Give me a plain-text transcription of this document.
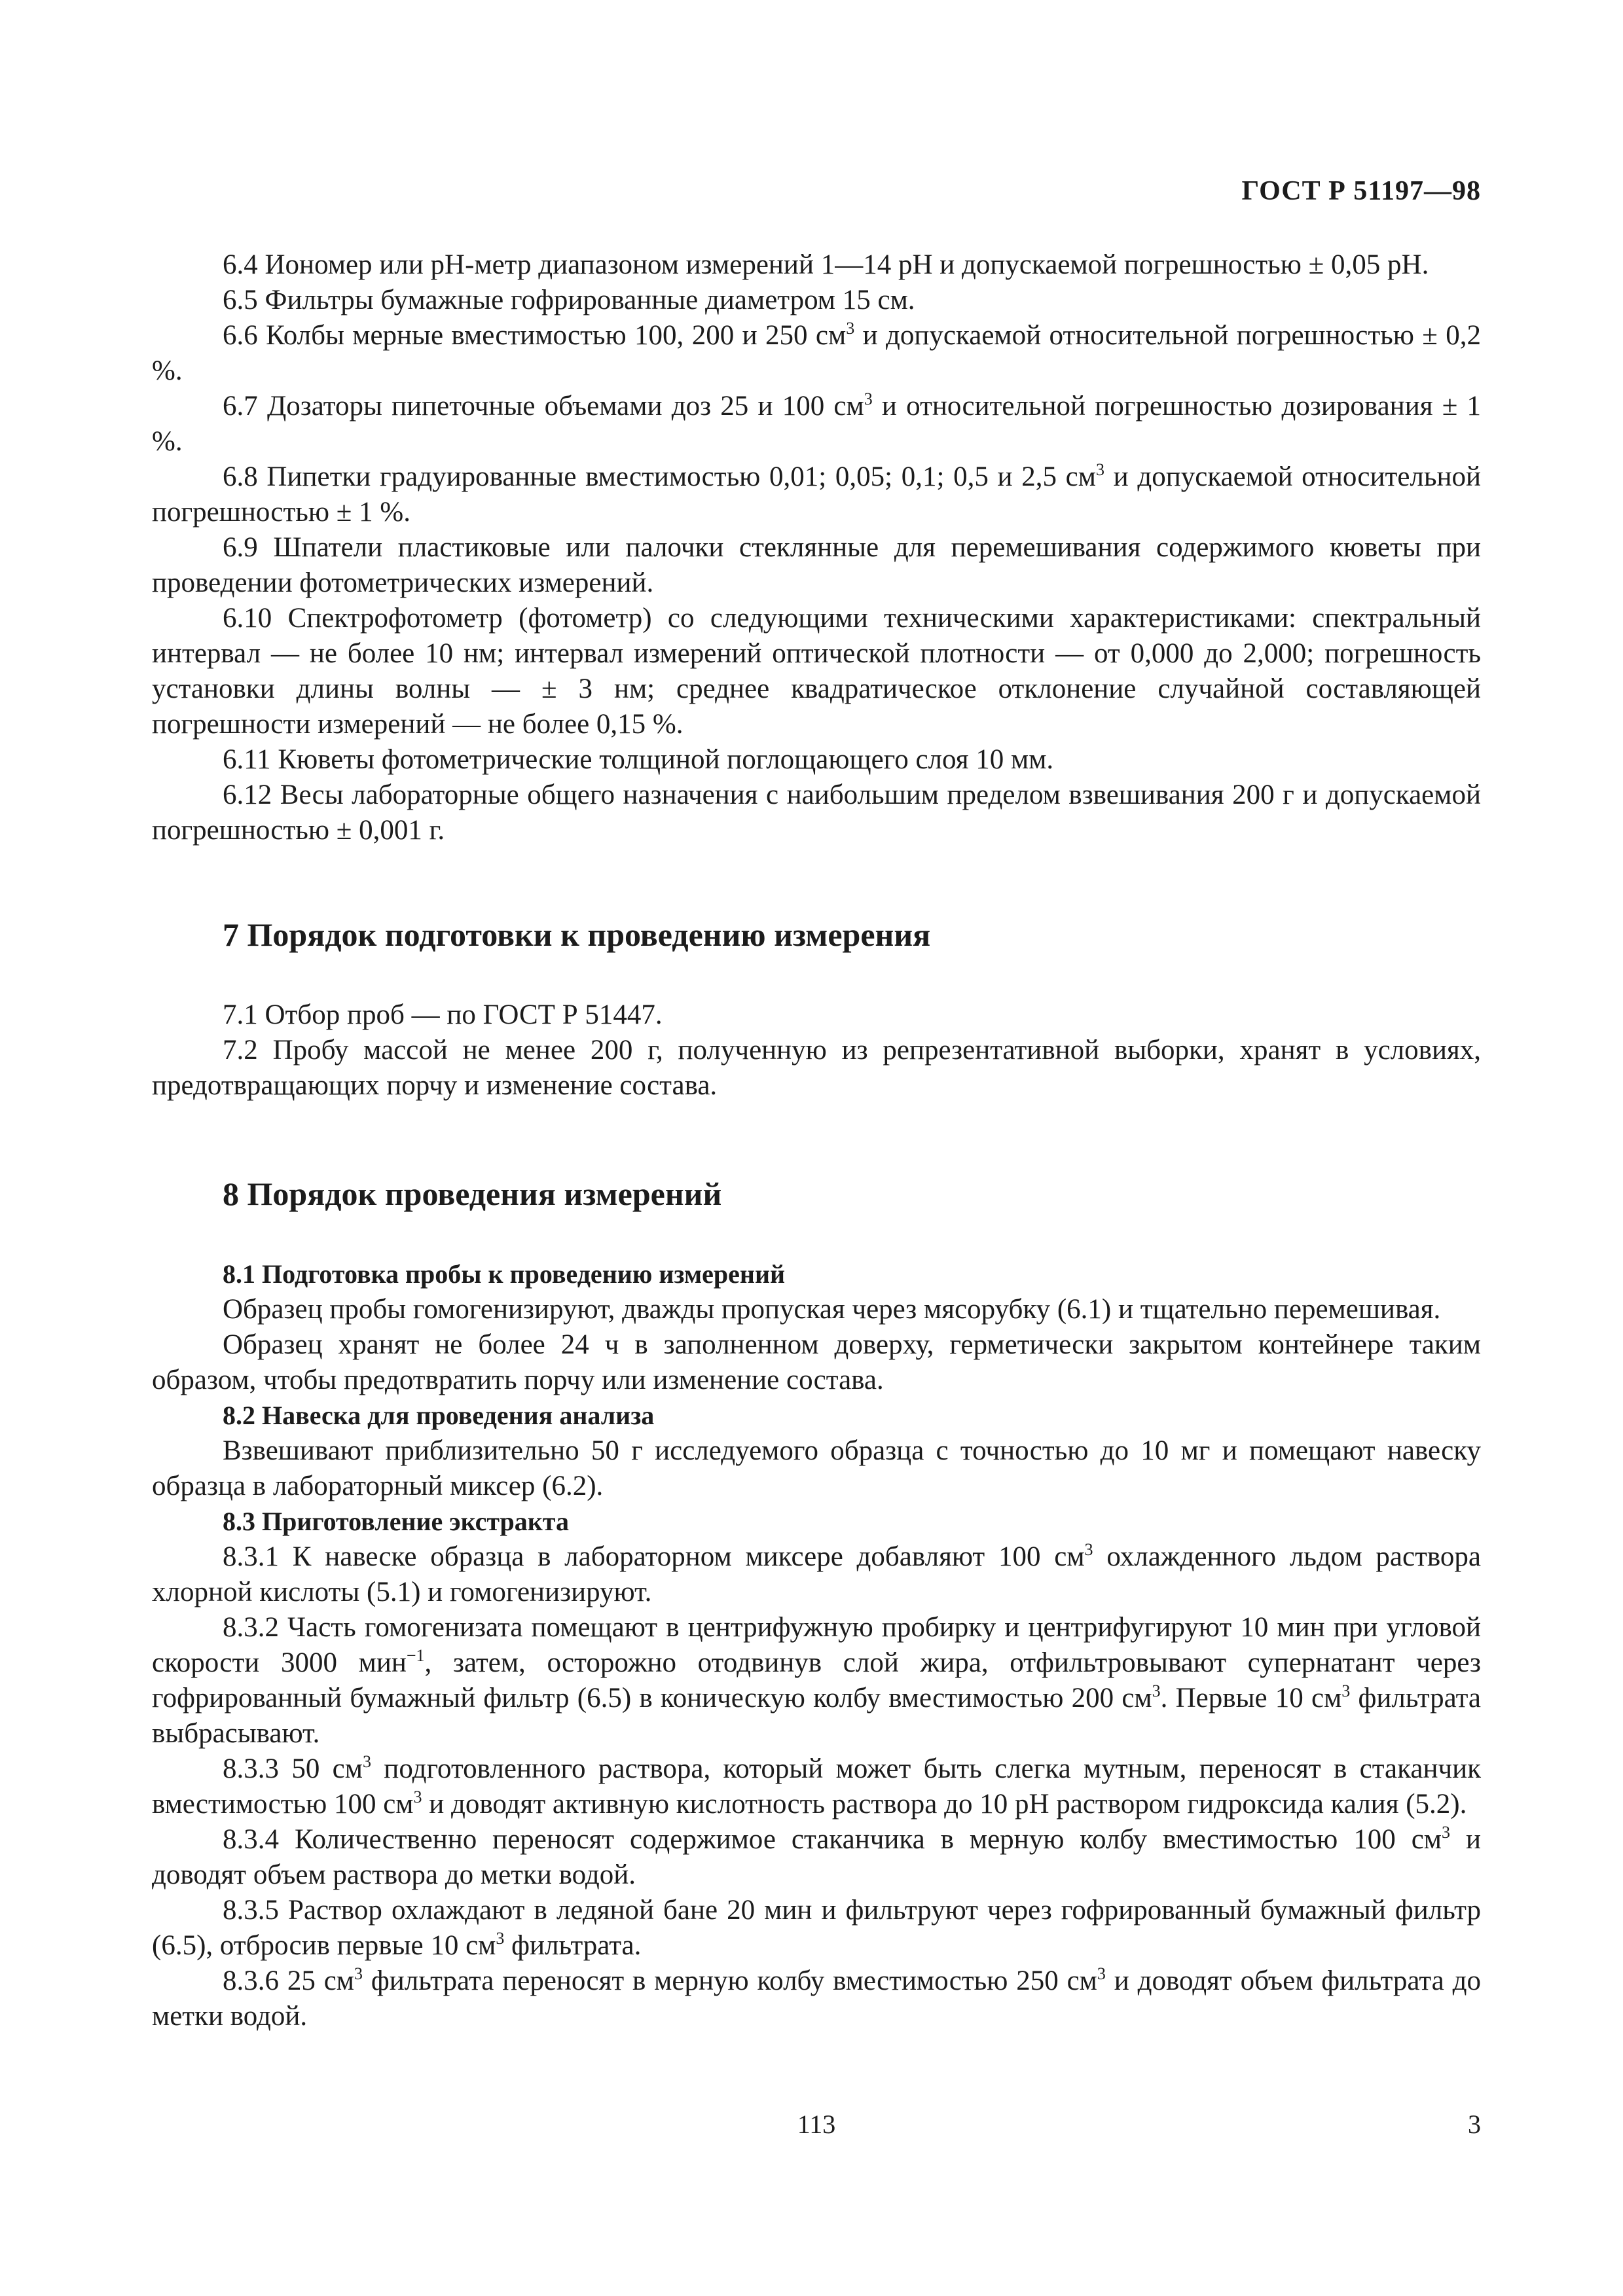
ГОСТ Р 51197—98

6.4 Иономер или рН-метр диапазоном измерений 1—14 рН и допускаемой погрешностью ± 0,05 рН.

6.5 Фильтры бумажные гофрированные диаметром 15 см.

6.6 Колбы мерные вместимостью 100, 200 и 250 $см^3$ и допускаемой относительной погрешностью ± 0,2 %.

6.7 Дозаторы пипеточные объемами доз 25 и 100 $см^3$ и относительной погрешностью дозирования ± 1 %.

6.8 Пипетки градуированные вместимостью 0,01; 0,05; 0,1; 0,5 и 2,5 $см^3$ и допускаемой относительной погрешностью ± 1 %.

6.9 Шпатели пластиковые или палочки стеклянные для перемешивания содержимого кюветы при проведении фотометрических измерений.

6.10 Спектрофотометр (фотометр) со следующими техническими характеристиками: спектральный интервал — не более 10 нм; интервал измерений оптической плотности — от 0,000 до 2,000; погрешность установки длины волны — ± 3 нм; среднее квадратическое отклонение случайной составляющей погрешности измерений — не более 0,15 %.

6.11 Кюветы фотометрические толщиной поглощающего слоя 10 мм.

6.12 Весы лабораторные общего назначения с наибольшим пределом взвешивания 200 г и допускаемой погрешностью ± 0,001 г.

7 Порядок подготовки к проведению измерения

7.1 Отбор проб — по ГОСТ Р 51447.

7.2 Пробу массой не менее 200 г, полученную из репрезентативной выборки, хранят в условиях, предотвращающих порчу и изменение состава.

8 Порядок проведения измерений
8.1 Подготовка пробы к проведению измерений

Образец пробы гомогенизируют, дважды пропуская через мясорубку (6.1) и тщательно перемешивая.

Образец хранят не более 24 ч в заполненном доверху, герметически закрытом контейнере таким образом, чтобы предотвратить порчу или изменение состава.

8.2 Навеска для проведения анализа

Взвешивают приблизительно 50 г исследуемого образца с точностью до 10 мг и помещают навеску образца в лабораторный миксер (6.2).

8.3 Приготовление экстракта

8.3.1 К навеске образца в лабораторном миксере добавляют 100 $см^3$ охлажденного льдом раствора хлорной кислоты (5.1) и гомогенизируют.

8.3.2 Часть гомогенизата помещают в центрифужную пробирку и центрифугируют 10 мин при угловой скорости 3000 мин$^{-1}$, затем, осторожно отодвинув слой жира, отфильтровывают супернатант через гофрированный бумажный фильтр (6.5) в коническую колбу вместимостью 200 $см^3$. Первые 10 $см^3$ фильтрата выбрасывают.

8.3.3 50 $см^3$ подготовленного раствора, который может быть слегка мутным, переносят в стаканчик вместимостью 100 $см^3$ и доводят активную кислотность раствора до 10 рН раствором гидроксида калия (5.2).

8.3.4 Количественно переносят содержимое стаканчика в мерную колбу вместимостью 100 $см^3$ и доводят объем раствора до метки водой.

8.3.5 Раствор охлаждают в ледяной бане 20 мин и фильтруют через гофрированный бумажный фильтр (6.5), отбросив первые 10 $см^3$ фильтрата.

8.3.6 25 $см^3$ фильтрата переносят в мерную колбу вместимостью 250 $см^3$ и доводят объем фильтрата до метки водой.

113	3
